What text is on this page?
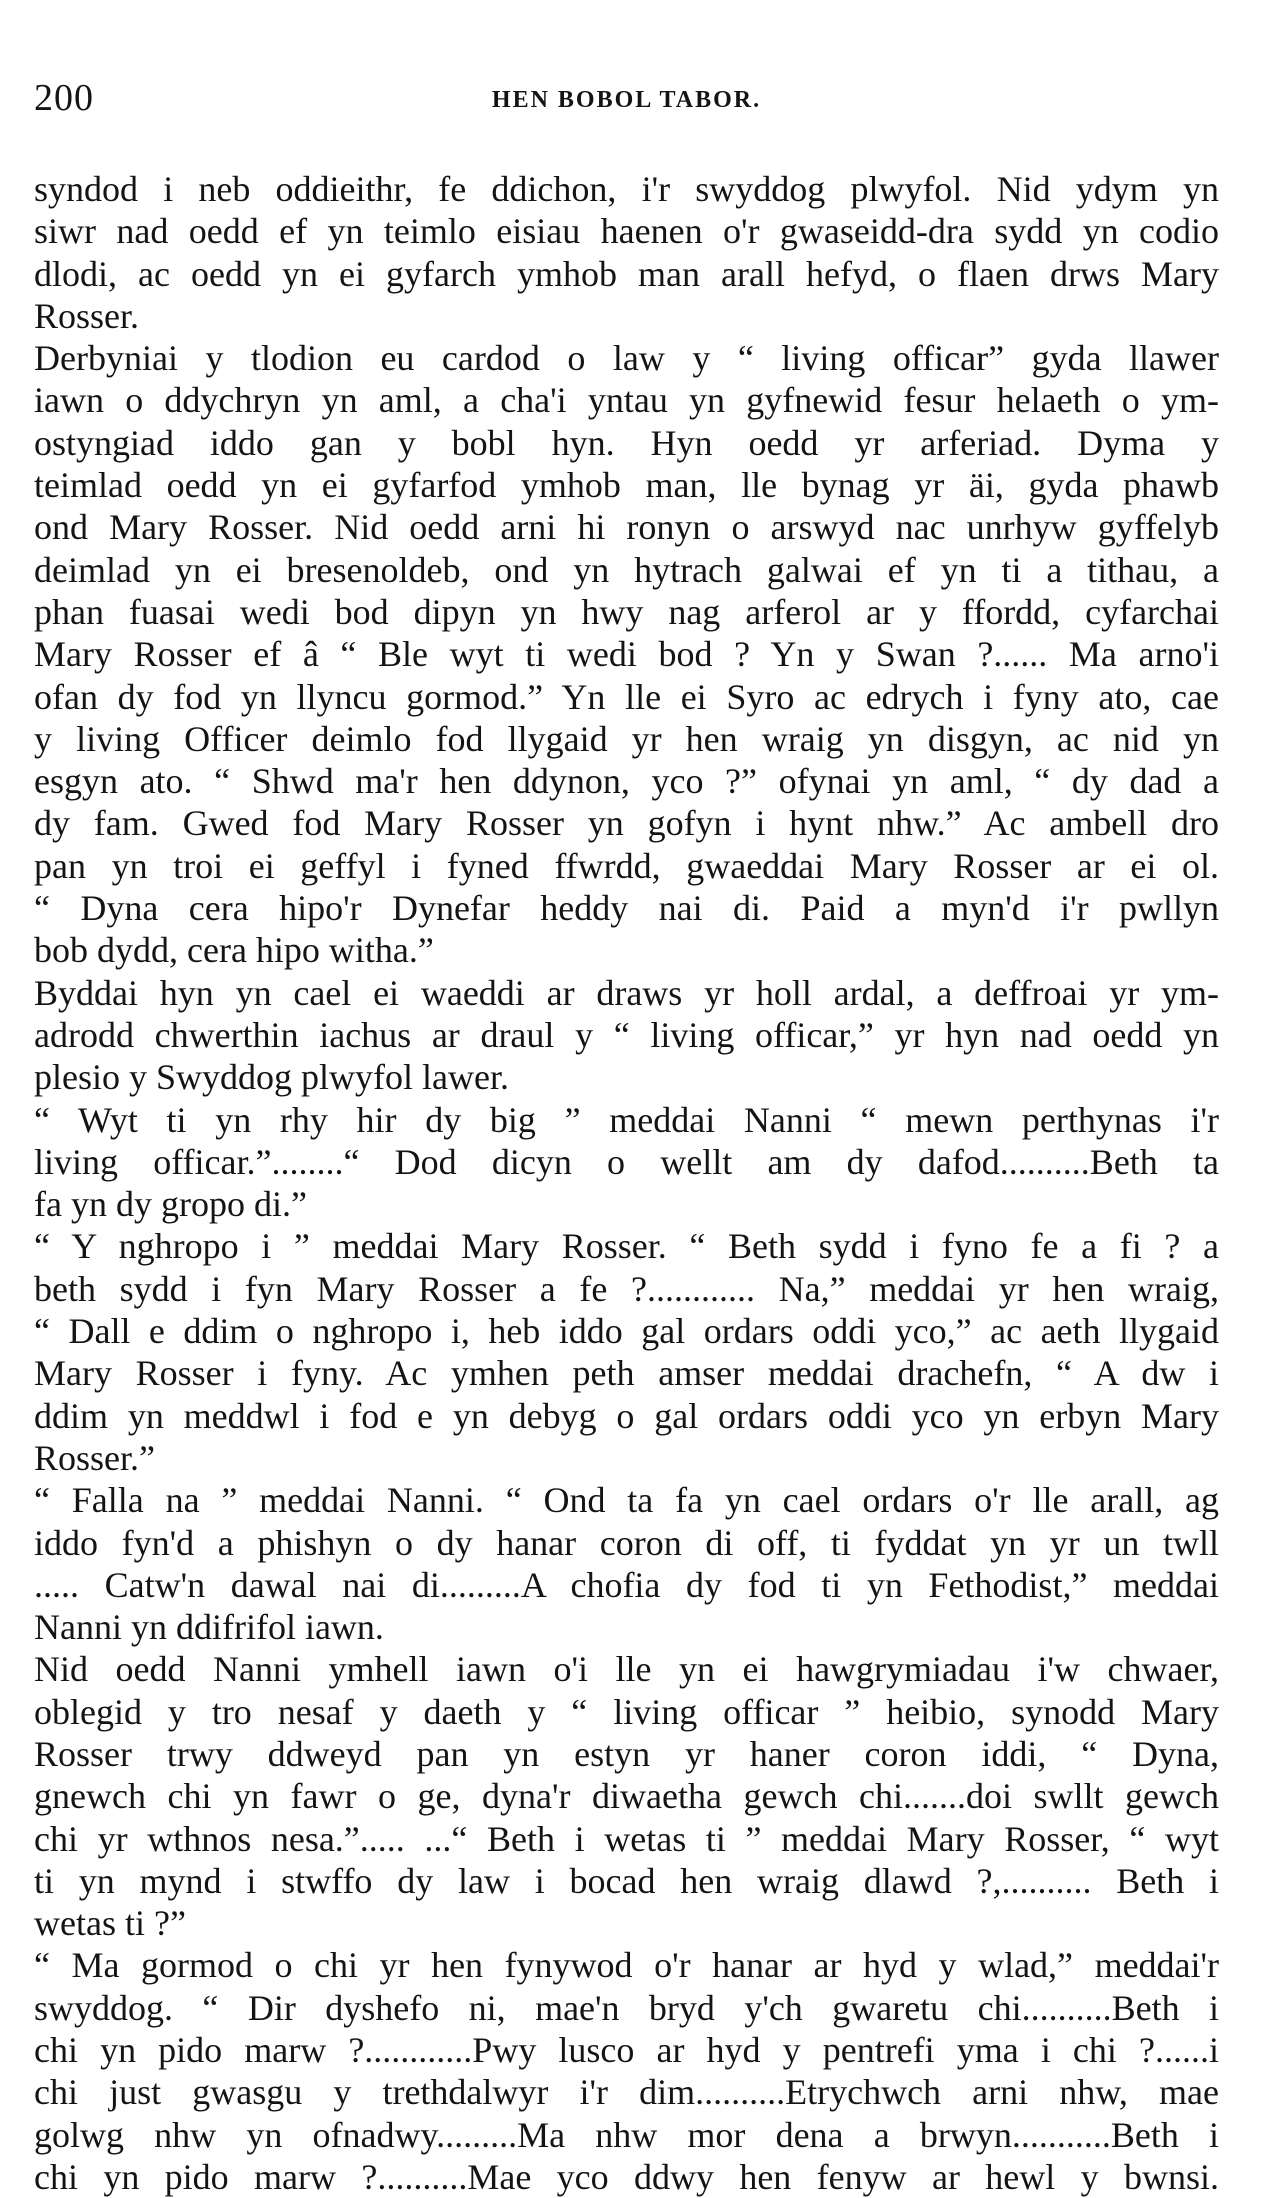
200	HEN BOBOL TABOR.
syndod i neb oddieithr, fe ddichon, i'r swyddog plwyfol. Nid ydym yn
siwr nad oedd ef yn teimlo eisiau haenen o'r gwaseidd-dra sydd yn codio
dlodi, ac oedd yn ei gyfarch ymhob man arall hefyd, o flaen drws Mary
Rosser.
Derbyniai y tlodion eu cardod o law y “ living officar” gyda llawer
iawn o ddychryn yn aml, a cha'i yntau yn gyfnewid fesur helaeth o ym-
ostyngiad iddo gan y bobl hyn. Hyn oedd yr arferiad. Dyma y
teimlad oedd yn ei gyfarfod ymhob man, lle bynag yr äi, gyda phawb
ond Mary Rosser. Nid oedd arni hi ronyn o arswyd nac unrhyw gyffelyb
deimlad yn ei bresenoldeb, ond yn hytrach galwai ef yn ti a tithau, a
phan fuasai wedi bod dipyn yn hwy nag arferol ar y ffordd, cyfarchai
Mary Rosser ef â “ Ble wyt ti wedi bod ? Yn y Swan ?...... Ma arno'i
ofan dy fod yn llyncu gormod.” Yn lle ei Syro ac edrych i fyny ato, cae
y living Officer deimlo fod llygaid yr hen wraig yn disgyn, ac nid yn
esgyn ato. “ Shwd ma'r hen ddynon, yco ?” ofynai yn aml, “ dy dad a
dy fam. Gwed fod Mary Rosser yn gofyn i hynt nhw.” Ac ambell dro
pan yn troi ei geffyl i fyned ffwrdd, gwaeddai Mary Rosser ar ei ol.
“ Dyna cera hipo'r Dynefar heddy nai di. Paid a myn'd i'r pwllyn
bob dydd, cera hipo witha.”
Byddai hyn yn cael ei waeddi ar draws yr holl ardal, a deffroai yr ym-
adrodd chwerthin iachus ar draul y “ living officar,” yr hyn nad oedd yn
plesio y Swyddog plwyfol lawer.
“ Wyt ti yn rhy hir dy big ” meddai Nanni “ mewn perthynas i'r
living officar.”........“ Dod dicyn o wellt am dy dafod..........Beth ta
fa yn dy gropo di.”
“ Y nghropo i ” meddai Mary Rosser. “ Beth sydd i fyno fe a fi ? a
beth sydd i fyn Mary Rosser a fe ?............ Na,” meddai yr hen wraig,
“ Dall e ddim o nghropo i, heb iddo gal ordars oddi yco,” ac aeth llygaid
Mary Rosser i fyny. Ac ymhen peth amser meddai drachefn, “ A dw i
ddim yn meddwl i fod e yn debyg o gal ordars oddi yco yn erbyn Mary
Rosser.”
“ Falla na ” meddai Nanni. “ Ond ta fa yn cael ordars o'r lle arall, ag
iddo fyn'd a phishyn o dy hanar coron di off, ti fyddat yn yr un twll
..... Catw'n dawal nai di.........A chofia dy fod ti yn Fethodist,” meddai
Nanni yn ddifrifol iawn.
Nid oedd Nanni ymhell iawn o'i lle yn ei hawgrymiadau i'w chwaer,
oblegid y tro nesaf y daeth y “ living officar ” heibio, synodd Mary
Rosser trwy ddweyd pan yn estyn yr haner coron iddi, “ Dyna,
gnewch chi yn fawr o ge, dyna'r diwaetha gewch chi.......doi swllt gewch
chi yr wthnos nesa.”..... ...“ Beth i wetas ti ” meddai Mary Rosser, “ wyt
ti yn mynd i stwffo dy law i bocad hen wraig dlawd ?,.......... Beth i
wetas ti ?”
“ Ma gormod o chi yr hen fynywod o'r hanar ar hyd y wlad,” meddai'r
swyddog. “ Dir dyshefo ni, mae'n bryd y'ch gwaretu chi..........Beth i
chi yn pido marw ?............Pwy lusco ar hyd y pentrefi yma i chi ?......i
chi just gwasgu y trethdalwyr i'r dim..........Etrychwch arni nhw, mae
golwg nhw yn ofnadwy.........Ma nhw mor dena a brwyn...........Beth i
chi yn pido marw ?..........Mae yco ddwy hen fenyw ar hewl y bwnsi.
